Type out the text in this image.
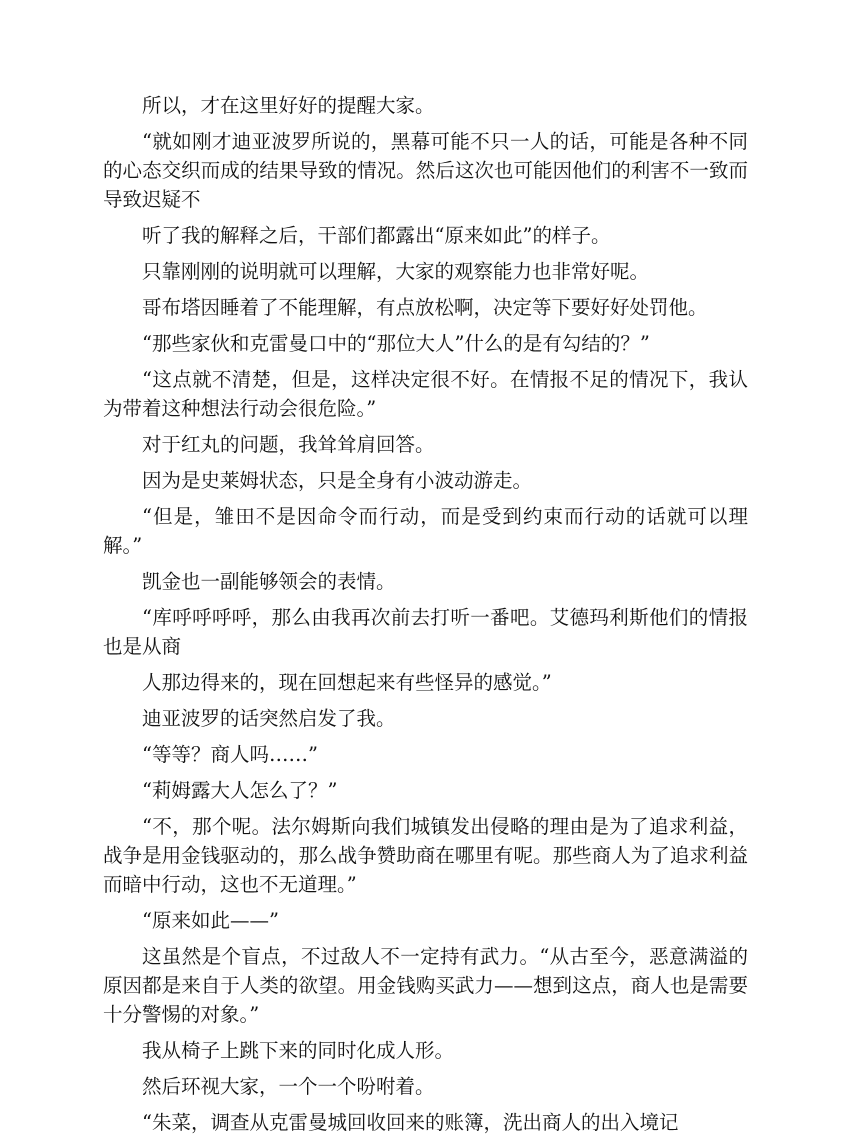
所以，才在这里好好的提醒大家。

“就如刚才迪亚波罗所说的，黑幕可能不只一人的话，可能是各种不同的心态交织而成的结果导致的情况。然后这次也可能因他们的利害不一致而导致迟疑不

听了我的解释之后，干部们都露出“原来如此”的样子。

只靠刚刚的说明就可以理解，大家的观察能力也非常好呢。

哥布塔因睡着了不能理解，有点放松啊，决定等下要好好处罚他。

“那些家伙和克雷曼口中的“那位大人”什么的是有勾结的？”

“这点就不清楚，但是，这样决定很不好。在情报不足的情况下，我认为带着这种想法行动会很危险。”

对于红丸的问题，我耸耸肩回答。

因为是史莱姆状态，只是全身有小波动游走。

“但是，雏田不是因命令而行动，而是受到约束而行动的话就可以理解。”

凯金也一副能够领会的表情。

“库呼呼呼呼，那么由我再次前去打听一番吧。艾德玛利斯他们的情报也是从商

人那边得来的，现在回想起来有些怪异的感觉。”

迪亚波罗的话突然启发了我。

“等等？商人吗……”

“莉姆露大人怎么了？”

“不，那个呢。法尔姆斯向我们城镇发出侵略的理由是为了追求利益，战争是用金钱驱动的，那么战争赞助商在哪里有呢。那些商人为了追求利益而暗中行动，这也不无道理。”

“原来如此——”

这虽然是个盲点，不过敌人不一定持有武力。“从古至今，恶意满溢的原因都是来自于人类的欲望。用金钱购买武力——想到这点，商人也是需要十分警惕的对象。”

我从椅子上跳下来的同时化成人形。

然后环视大家，一个一个吩咐着。

“朱菜，调查从克雷曼城回收回来的账簿，洗出商人的出入境记
